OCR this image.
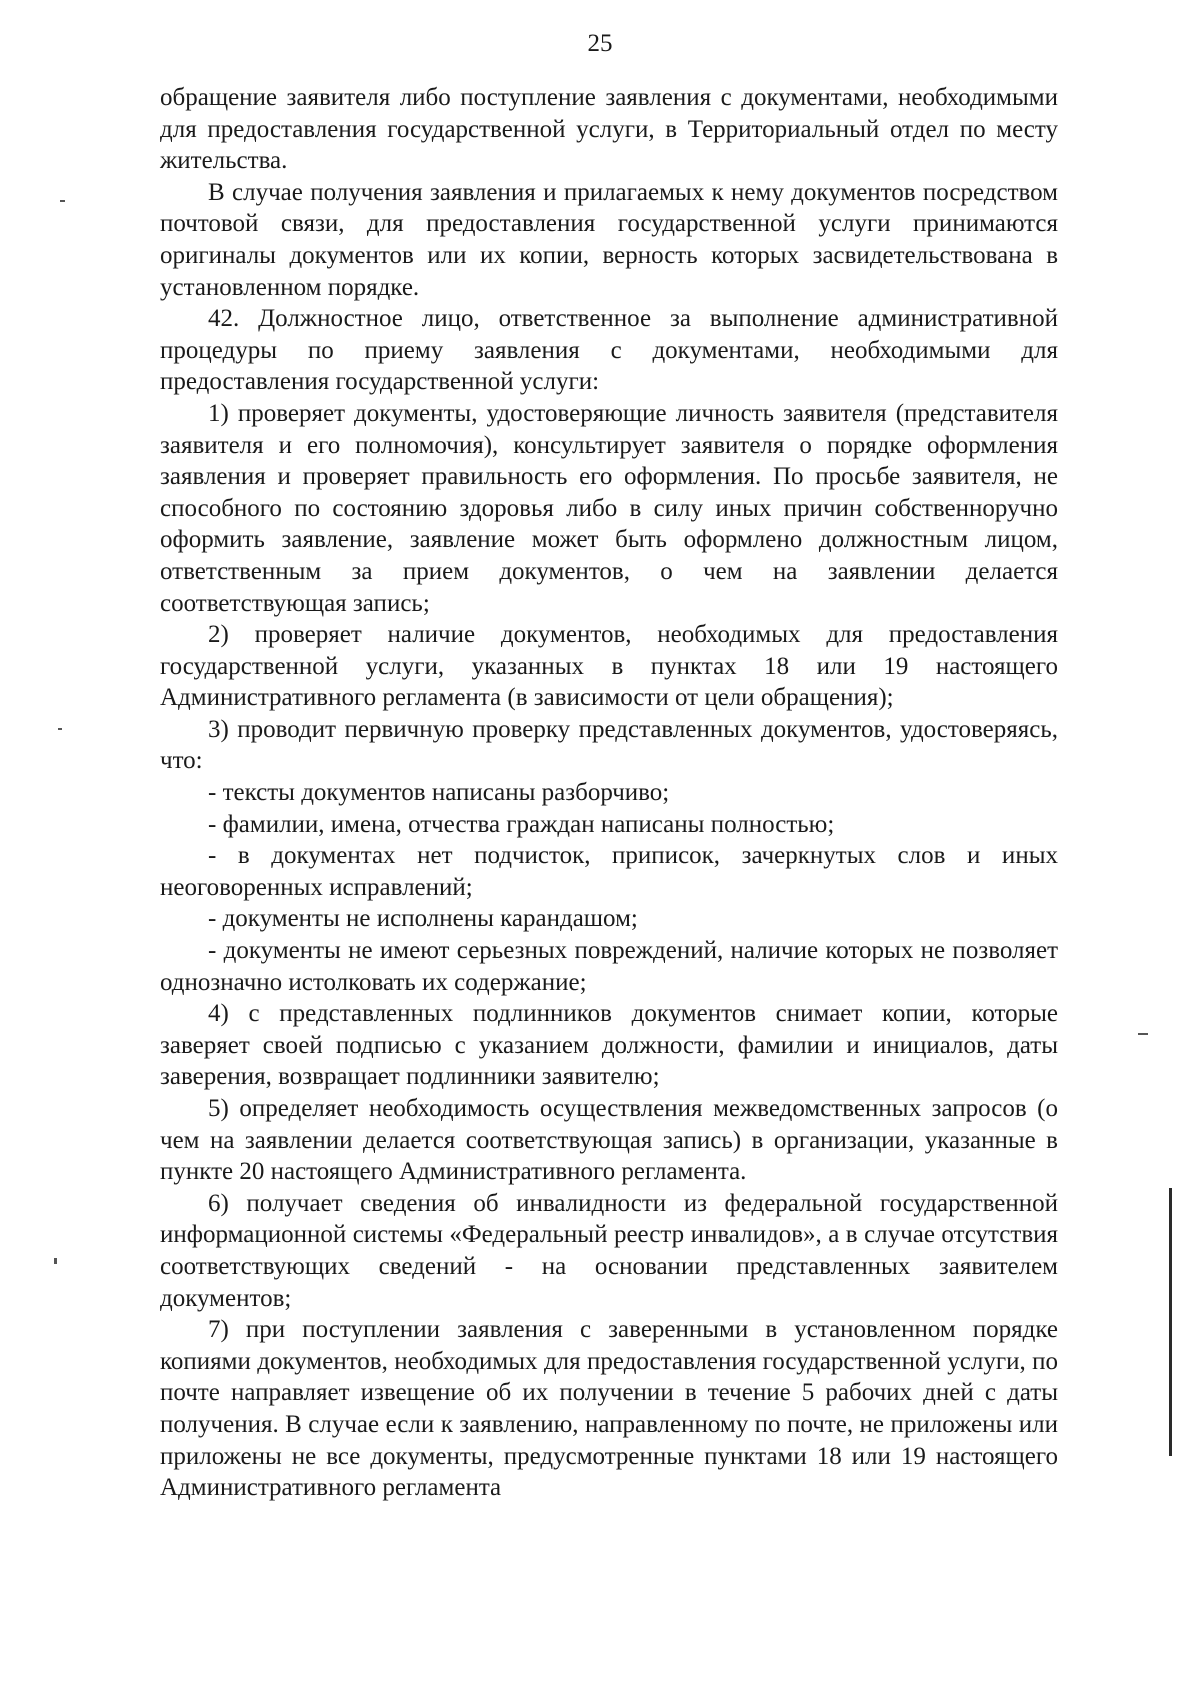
25

обращение заявителя либо поступление заявления с документами, необходимыми для предоставления государственной услуги, в Территориальный отдел по месту жительства.

В случае получения заявления и прилагаемых к нему документов посредством почтовой связи, для предоставления государственной услуги принимаются оригиналы документов или их копии, верность которых засвидетельствована в установленном порядке.

42. Должностное лицо, ответственное за выполнение административной процедуры по приему заявления с документами, необходимыми для предоставления государственной услуги:

1) проверяет документы, удостоверяющие личность заявителя (представителя заявителя и его полномочия), консультирует заявителя о порядке оформления заявления и проверяет правильность его оформления. По просьбе заявителя, не способного по состоянию здоровья либо в силу иных причин собственноручно оформить заявление, заявление может быть оформлено должностным лицом, ответственным за прием документов, о чем на заявлении делается соответствующая запись;

2) проверяет наличие документов, необходимых для предоставления государственной услуги, указанных в пунктах 18 или 19 настоящего Административного регламента (в зависимости от цели обращения);

3) проводит первичную проверку представленных документов, удостоверяясь, что:

- тексты документов написаны разборчиво;

- фамилии, имена, отчества граждан написаны полностью;

- в документах нет подчисток, приписок, зачеркнутых слов и иных неоговоренных исправлений;

- документы не исполнены карандашом;

- документы не имеют серьезных повреждений, наличие которых не позволяет однозначно истолковать их содержание;

4) с представленных подлинников документов снимает копии, которые заверяет своей подписью с указанием должности, фамилии и инициалов, даты заверения, возвращает подлинники заявителю;

5) определяет необходимость осуществления межведомственных запросов (о чем на заявлении делается соответствующая запись) в организации, указанные в пункте 20 настоящего Административного регламента.

6) получает сведения об инвалидности из федеральной государственной информационной системы «Федеральный реестр инвалидов», а в случае отсутствия соответствующих сведений - на основании представленных заявителем документов;

7) при поступлении заявления с заверенными в установленном порядке копиями документов, необходимых для предоставления государственной услуги, по почте направляет извещение об их получении в течение 5 рабочих дней с даты получения. В случае если к заявлению, направленному по почте, не приложены или приложены не все документы, предусмотренные пунктами 18 или 19 настоящего Административного регламента
